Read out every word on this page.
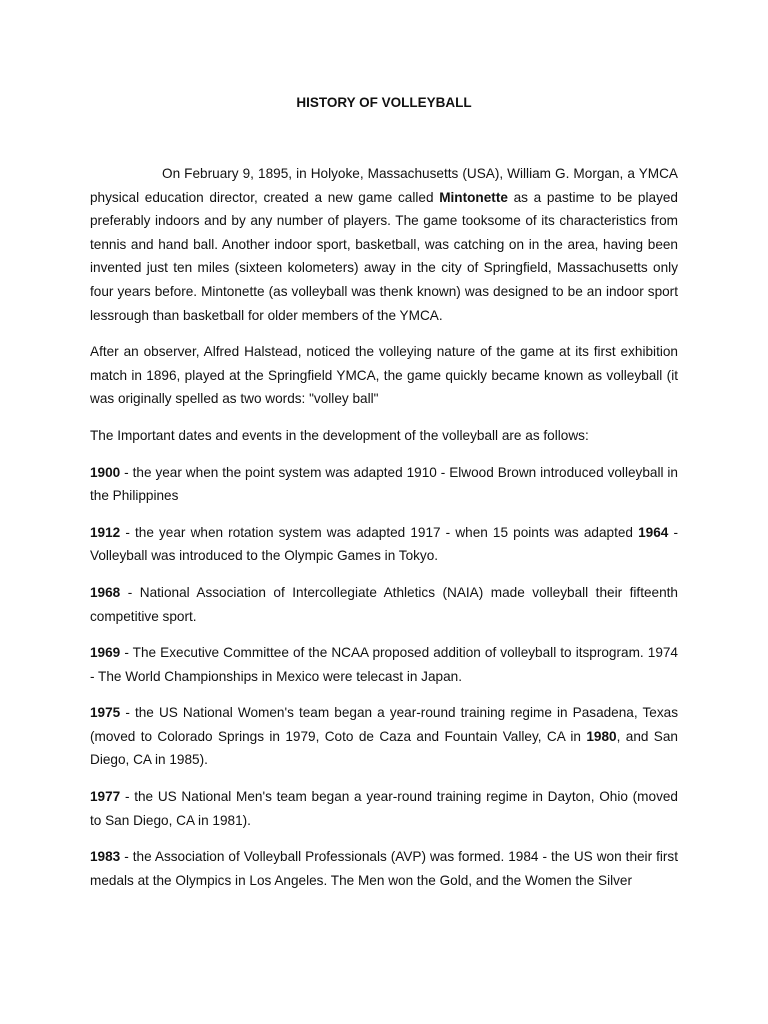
HISTORY OF VOLLEYBALL

On February 9, 1895, in Holyoke, Massachusetts (USA), William G. Morgan, a YMCA physical education director, created a new game called Mintonette as a pastime to be played preferably indoors and by any number of players. The game tooksome of its characteristics from tennis and hand ball. Another indoor sport, basketball, was catching on in the area, having been invented just ten miles (sixteen kolometers) away in the city of Springfield, Massachusetts only four years before. Mintonette (as volleyball was thenk known) was designed to be an indoor sport lessrough than basketball for older members of the YMCA.

After an observer, Alfred Halstead, noticed the volleying nature of the game at its first exhibition match in 1896, played at the Springfield YMCA, the game quickly became known as volleyball (it was originally spelled as two words: "volley ball"

The Important dates and events in the development of the volleyball are as follows:

1900 - the year when the point system was adapted 1910 - Elwood Brown introduced volleyball in the Philippines

1912 - the year when rotation system was adapted 1917 - when 15 points was adapted 1964 - Volleyball was introduced to the Olympic Games in Tokyo.

1968 - National Association of Intercollegiate Athletics (NAIA) made volleyball their fifteenth competitive sport.

1969 - The Executive Committee of the NCAA proposed addition of volleyball to itsprogram. 1974 - The World Championships in Mexico were telecast in Japan.

1975 - the US National Women's team began a year-round training regime in Pasadena, Texas (moved to Colorado Springs in 1979, Coto de Caza and Fountain Valley, CA in 1980, and San Diego, CA in 1985).

1977 - the US National Men's team began a year-round training regime in Dayton, Ohio (moved to San Diego, CA in 1981).

1983 - the Association of Volleyball Professionals (AVP) was formed. 1984 - the US won their first medals at the Olympics in Los Angeles. The Men won the Gold, and the Women the Silver
